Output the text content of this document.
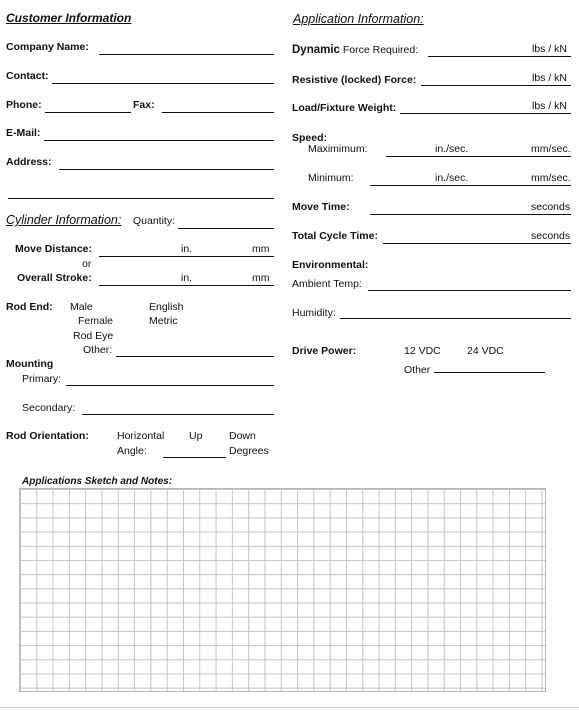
Customer Information
Company Name:
Contact:
Phone:	Fax:
E-Mail:
Address:
Cylinder Information: Quantity:
Move Distance:	in.	mm
or
Overall Stroke:	in.	mm
Rod End: Male
Female
Rod Eye
Other:
English
Metric
Mounting
Primary:
Secondary:
Rod Orientation:	Horizontal Up	Down
Angle:	Degrees
Application Information:
Dynamic Force Required:	lbs / kN
Resistive (locked) Force:	lbs / kN
Load/Fixture Weight:	lbs / kN
Speed:
Maximimum:	in./sec.	mm/sec.
Minimum:	in./sec.	mm/sec.
Move Time:	seconds
Total Cycle Time:	seconds
Environmental:
Ambient Temp:
Humidity:
Drive Power:	12 VDC 24 VDC
Other
Applications Sketch and Notes:
